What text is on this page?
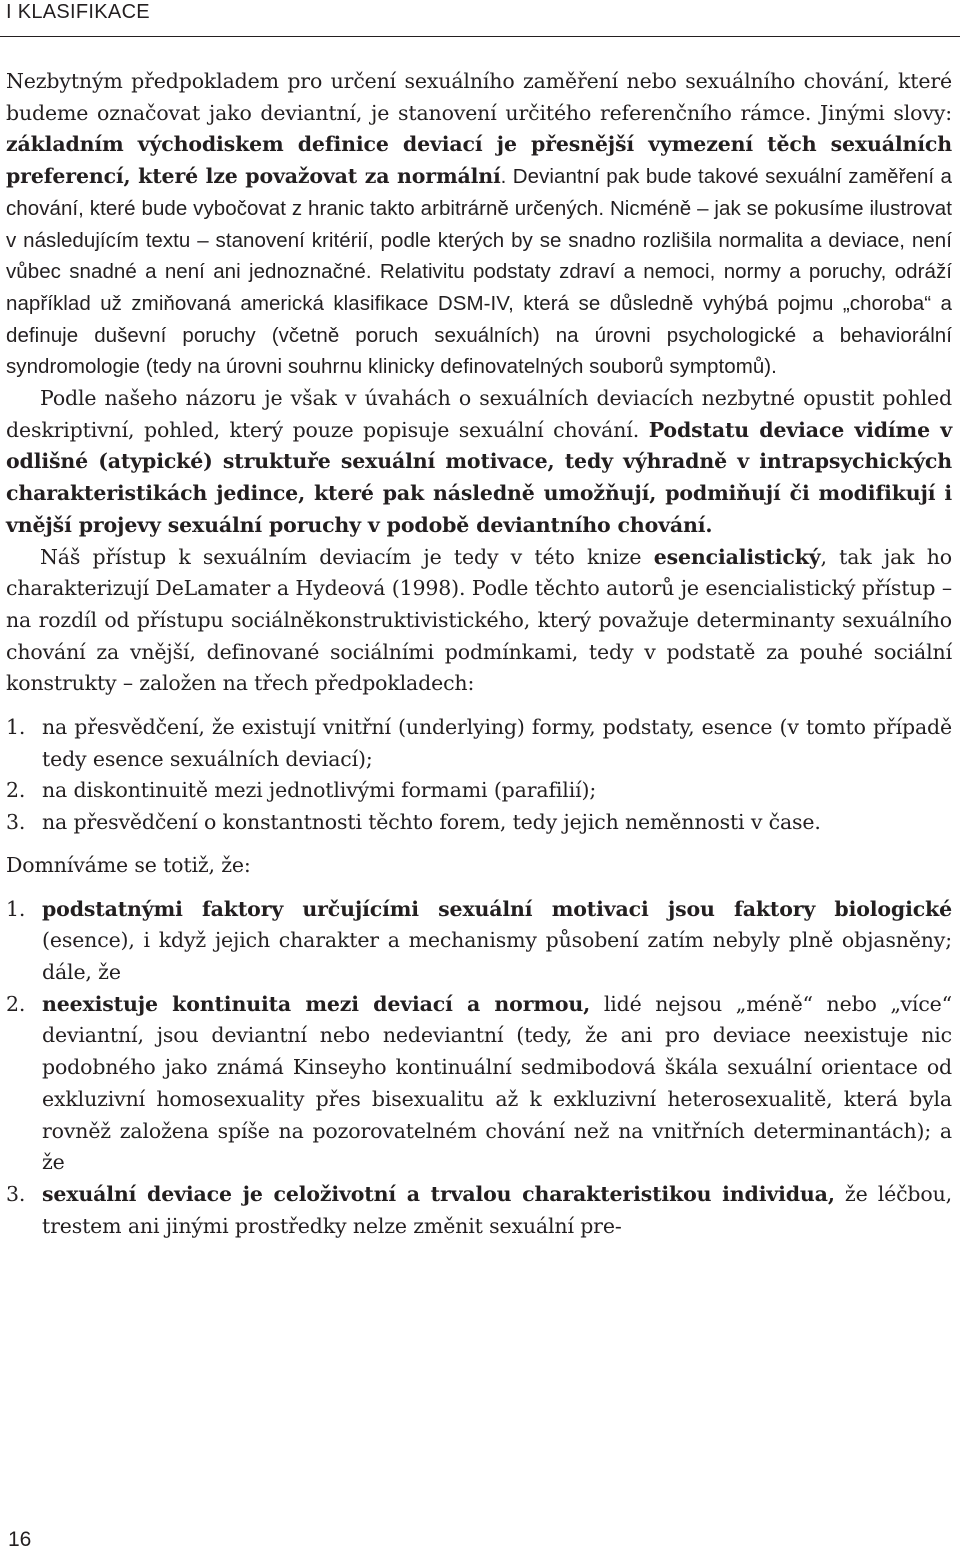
I KLASIFIKACE

Nezbytným předpokladem pro určení sexuálního zaměření nebo sexuálního chování, které budeme označovat jako deviantní, je stanovení určitého referenčního rámce. Jinými slovy: základním východiskem definice deviací je přesnější vymezení těch sexuálních preferencí, které lze považovat za normální. Deviantní pak bude takové sexuální zaměření a chování, které bude vybočovat z hranic takto arbitrárně určených. Nicméně – jak se pokusíme ilustrovat v následujícím textu – stanovení kritérií, podle kterých by se snadno rozlišila normalita a deviace, není vůbec snadné a není ani jednoznačné. Relativitu podstaty zdraví a nemoci, normy a poruchy, odráží například už zmiňovaná americká klasifikace DSM-IV, která se důsledně vyhýbá pojmu „choroba“ a definuje duševní poruchy (včetně poruch sexuálních) na úrovni psychologické a behaviorální syndromologie (tedy na úrovni souhrnu klinicky definovatelných souborů symptomů).

Podle našeho názoru je však v úvahách o sexuálních deviacích nezbytné opustit pohled deskriptivní, pohled, který pouze popisuje sexuální chování. Podstatu deviace vidíme v odlišné (atypické) struktuře sexuální motivace, tedy výhradně v intrapsychických charakteristikách jedince, které pak následně umožňují, podmiňují či modifikují i vnější projevy sexuální poruchy v podobě deviantního chování.

Náš přístup k sexuálním deviacím je tedy v této knize esencialistický, tak jak ho charakterizují DeLamater a Hydeová (1998). Podle těchto autorů je esencialistický přístup – na rozdíl od přístupu sociálněkonstruktivistického, který považuje determinanty sexuálního chování za vnější, definované sociálními podmínkami, tedy v podstatě za pouhé sociální konstrukty – založen na třech předpokladech:

1. na přesvědčení, že existují vnitřní (underlying) formy, podstaty, esence (v tomto případě tedy esence sexuálních deviací);
2. na diskontinuitě mezi jednotlivými formami (parafilií);
3. na přesvědčení o konstantnosti těchto forem, tedy jejich neměnnosti v čase.

Domníváme se totiž, že:

1. podstatnými faktory určujícími sexuální motivaci jsou faktory biologické (esence), i když jejich charakter a mechanismy působení zatím nebyly plně objasněny; dále, že
2. neexistuje kontinuita mezi deviací a normou, lidé nejsou „méně“ nebo „více“ deviantní, jsou deviantní nebo nedeviantní (tedy, že ani pro deviace neexistuje nic podobného jako známá Kinseyho kontinuální sedmibodová škála sexuální orientace od exkluzivní homosexuality přes bisexualitu až k exkluzivní heterosexualitě, která byla rovněž založena spíše na pozorovatelném chování než na vnitřních determinantách); a že
3. sexuální deviace je celoživotní a trvalou charakteristikou individua, že léčbou, trestem ani jinými prostředky nelze změnit sexuální pre-
16
